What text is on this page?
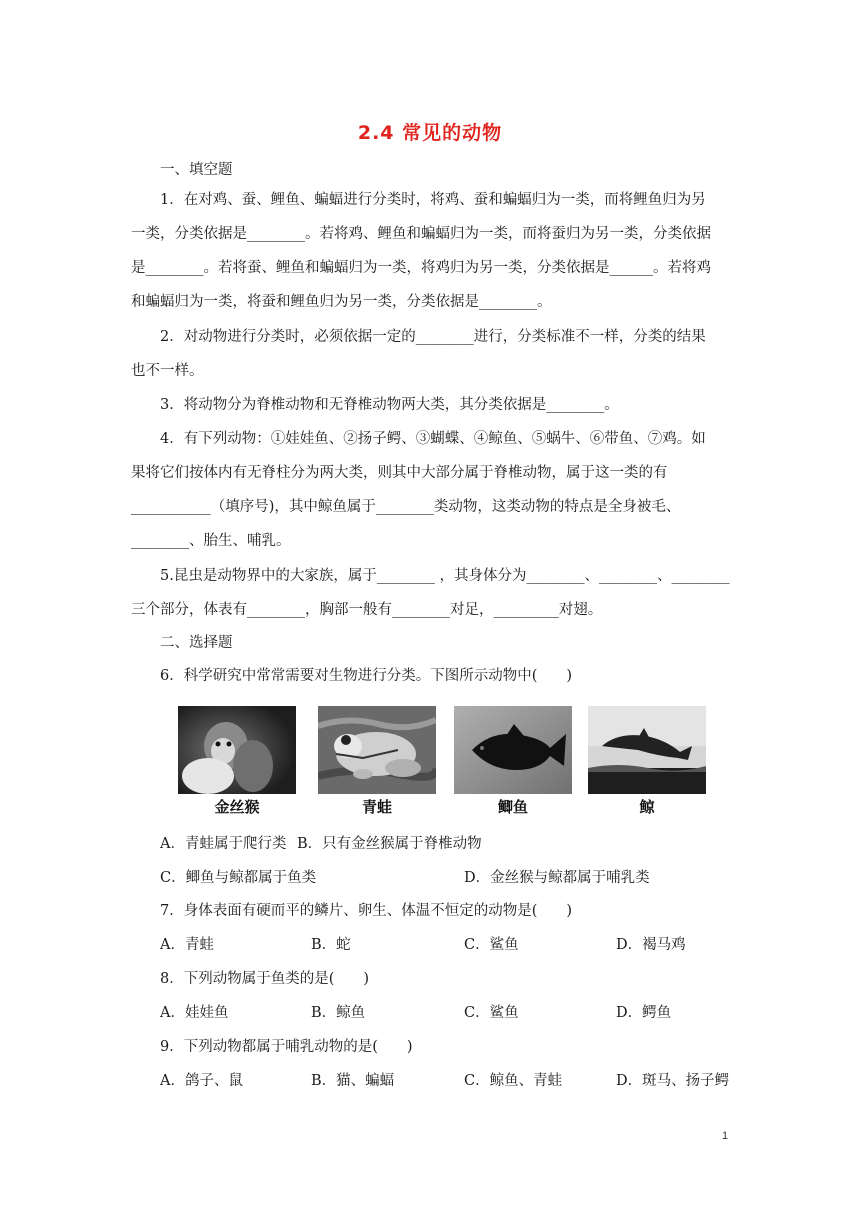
2.4 常见的动物
一、填空题
1．在对鸡、蚕、鲤鱼、蝙蝠进行分类时，将鸡、蚕和蝙蝠归为一类，而将鲤鱼归为另
一类，分类依据是________。若将鸡、鲤鱼和蝙蝠归为一类，而将蚕归为另一类，分类依据
是________。若将蚕、鲤鱼和蝙蝠归为一类，将鸡归为另一类，分类依据是______。若将鸡
和蝙蝠归为一类，将蚕和鲤鱼归为另一类，分类依据是________。
2．对动物进行分类时，必须依据一定的________进行，分类标准不一样，分类的结果
也不一样。
3．将动物分为脊椎动物和无脊椎动物两大类，其分类依据是________。
4．有下列动物：①娃娃鱼、②扬子鳄、③蝴蝶、④鲸鱼、⑤蜗牛、⑥带鱼、⑦鸡。如
果将它们按体内有无脊柱分为两大类，则其中大部分属于脊椎动物，属于这一类的有
___________（填序号)，其中鲸鱼属于________类动物，这类动物的特点是全身被毛、
________、胎生、哺乳。
5.昆虫是动物界中的大家族，属于________ ，其身体分为________、________、________
三个部分，体表有________，胸部一般有________对足，_________对翅。
二、选择题
6．科学研究中常常需要对生物进行分类。下图所示动物中(　　)
金丝猴	青蛙	鲫鱼	鲸
A．青蛙属于爬行类 B．只有金丝猴属于脊椎动物
C．鲫鱼与鲸都属于鱼类	D．金丝猴与鲸都属于哺乳类
7．身体表面有硬而平的鳞片、卵生、体温不恒定的动物是(　　)
A．青蛙	B．蛇	C．鲨鱼	D．褐马鸡
8．下列动物属于鱼类的是(　　)
A．娃娃鱼	B．鲸鱼	C．鲨鱼	D．鳄鱼
9．下列动物都属于哺乳动物的是(　　)
A．鸽子、鼠	B．猫、蝙蝠	C．鲸鱼、青蛙	D．斑马、扬子鳄
1
